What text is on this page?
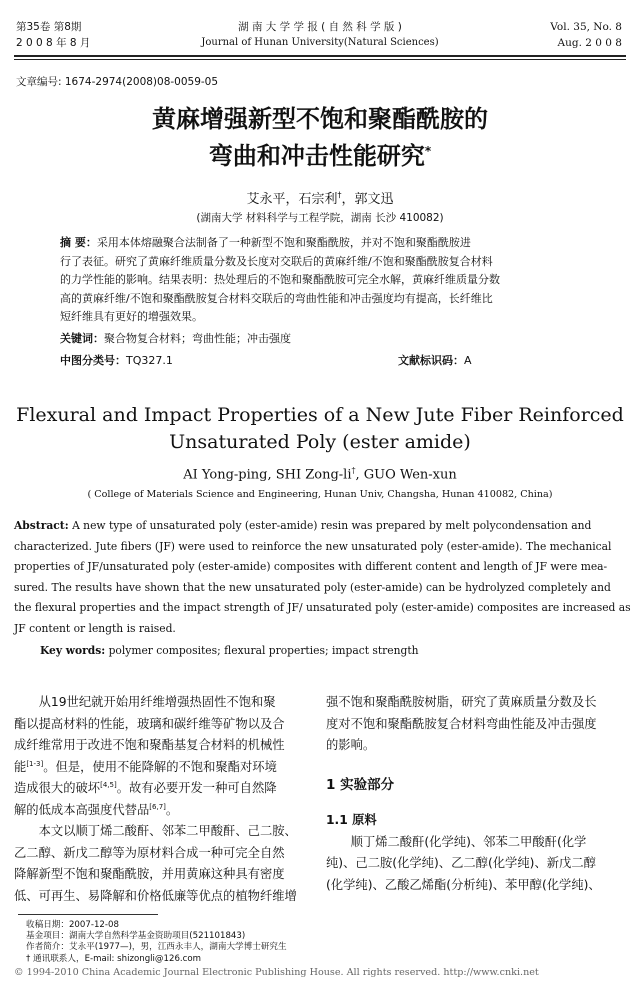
第35卷 第8期
2 0 0 8 年 8 月
湖 南 大 学 学 报 ( 自 然 科 学 版 )
Journal of Hunan University(Natural Sciences)
Vol. 35, No. 8
Aug. 2 0 0 8
文章编号: 1674-2974(2008)08-0059-05
黄麻增强新型不饱和聚酯酰胺的
弯曲和冲击性能研究*
艾永平，石宗利†，郭文迅
(湖南大学 材料科学与工程学院，湖南 长沙 410082)
摘 要：采用本体熔融聚合法制备了一种新型不饱和聚酯酰胺，并对不饱和聚酯酰胺进
行了表征。研究了黄麻纤维质量分数及长度对交联后的黄麻纤维/不饱和聚酯酰胺复合材料
的力学性能的影响。结果表明：热处理后的不饱和聚酯酰胺可完全水解，黄麻纤维质量分数
高的黄麻纤维/不饱和聚酯酰胺复合材料交联后的弯曲性能和冲击强度均有提高，长纤维比
短纤维具有更好的增强效果。
关键词：聚合物复合材料；弯曲性能；冲击强度
中图分类号：TQ327.1	文献标识码：A
Flexural and Impact Properties of a New Jute Fiber Reinforced
Unsaturated Poly (ester amide)
AI Yong-ping, SHI Zong-li†, GUO Wen-xun
( College of Materials Science and Engineering, Hunan Univ, Changsha, Hunan 410082, China)
Abstract: A new type of unsaturated poly (ester-amide) resin was prepared by melt polycondensation and
characterized. Jute fibers (JF) were used to reinforce the new unsaturated poly (ester-amide). The mechanical
properties of JF/unsaturated poly (ester-amide) composites with different content and length of JF were mea-
sured. The results have shown that the new unsaturated poly (ester-amide) can be hydrolyzed completely and
the flexural properties and the impact strength of JF/ unsaturated poly (ester-amide) composites are increased as
JF content or length is raised.
Key words: polymer composites; flexural properties; impact strength
从19世纪就开始用纤维增强热固性不饱和聚
酯以提高材料的性能，玻璃和碳纤维等矿物以及合
成纤维常用于改进不饱和聚酯基复合材料的机械性
能[1-3]。但是，使用不能降解的不饱和聚酯对环境
造成很大的破坏[4,5]。故有必要开发一种可自然降
解的低成本高强度代替品[6,7]。
本文以顺丁烯二酸酐、邻苯二甲酸酐、己二胺、
乙二醇、新戊二醇等为原材料合成一种可完全自然
降解新型不饱和聚酯酰胺，并用黄麻这种具有密度
低、可再生、易降解和价格低廉等优点的植物纤维增
强不饱和聚酯酰胺树脂，研究了黄麻质量分数及长
度对不饱和聚酯酰胺复合材料弯曲性能及冲击强度
的影响。
1 实验部分
1.1 原料
顺丁烯二酸酐(化学纯)、邻苯二甲酸酐(化学
纯)、己二胺(化学纯)、乙二醇(化学纯)、新戊二醇
(化学纯)、乙酸乙烯酯(分析纯)、苯甲醇(化学纯)、
收稿日期：2007-12-08
基金项目：湖南大学自然科学基金资助项目(521101843)
作者简介：艾永平(1977—)，男，江西永丰人，湖南大学博士研究生
† 通讯联系人，E-mail: shizongli@126.com
© 1994-2010 China Academic Journal Electronic Publishing House. All rights reserved. http://www.cnki.net
